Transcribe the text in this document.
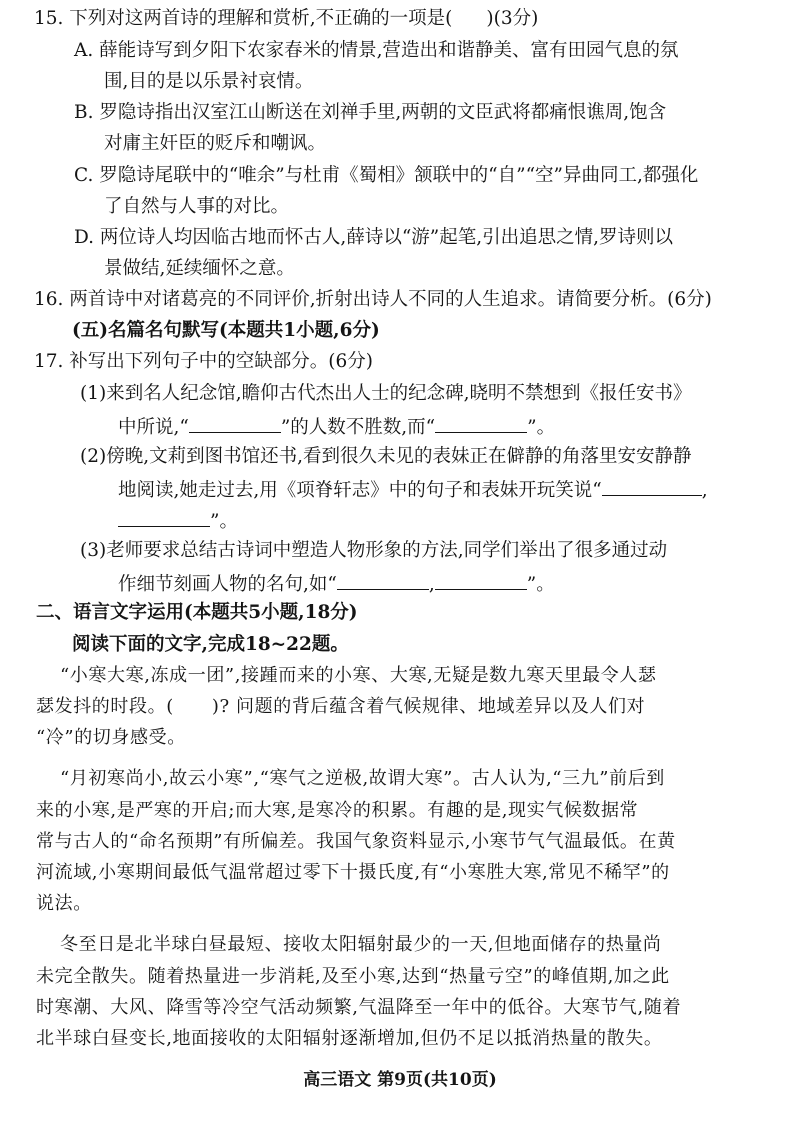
15. 下列对这两首诗的理解和赏析,不正确的一项是( )(3分)
A. 薛能诗写到夕阳下农家春米的情景,营造出和谐静美、富有田园气息的氛
围,目的是以乐景衬哀情。
B. 罗隐诗指出汉室江山断送在刘禅手里,两朝的文臣武将都痛恨谯周,饱含
对庸主奸臣的贬斥和嘲讽。
C. 罗隐诗尾联中的“唯余”与杜甫《蜀相》颔联中的“自”“空”异曲同工,都强化
了自然与人事的对比。
D. 两位诗人均因临古地而怀古人,薛诗以“游”起笔,引出追思之情,罗诗则以
景做结,延续缅怀之意。
16. 两首诗中对诸葛亮的不同评价,折射出诗人不同的人生追求。请简要分析。(6分)
(五)名篇名句默写(本题共1小题,6分)
17. 补写出下列句子中的空缺部分。(6分)
(1)来到名人纪念馆,瞻仰古代杰出人士的纪念碑,晓明不禁想到《报任安书》
中所说,“	”的人数不胜数,而“	”。
(2)傍晚,文莉到图书馆还书,看到很久未见的表妹正在僻静的角落里安安静静
地阅读,她走过去,用《项脊轩志》中的句子和表妹开玩笑说“	,
”。
(3)老师要求总结古诗词中塑造人物形象的方法,同学们举出了很多通过动
作细节刻画人物的名句,如“	,	”。
二、语言文字运用(本题共5小题,18分)
阅读下面的文字,完成18~22题。
“小寒大寒,冻成一团”,接踵而来的小寒、大寒,无疑是数九寒天里最令人瑟
瑟发抖的时段。( )? 问题的背后蕴含着气候规律、地域差异以及人们对
“冷”的切身感受。
“月初寒尚小,故云小寒”,“寒气之逆极,故谓大寒”。古人认为,“三九”前后到
来的小寒,是严寒的开启;而大寒,是寒冷的积累。有趣的是,现实气候数据常
常与古人的“命名预期”有所偏差。我国气象资料显示,小寒节气气温最低。在黄
河流域,小寒期间最低气温常超过零下十摄氏度,有“小寒胜大寒,常见不稀罕”的
说法。
冬至日是北半球白昼最短、接收太阳辐射最少的一天,但地面储存的热量尚
未完全散失。随着热量进一步消耗,及至小寒,达到“热量亏空”的峰值期,加之此
时寒潮、大风、降雪等冷空气活动频繁,气温降至一年中的低谷。大寒节气,随着
北半球白昼变长,地面接收的太阳辐射逐渐增加,但仍不足以抵消热量的散失。
高三语文 第9页(共10页)
